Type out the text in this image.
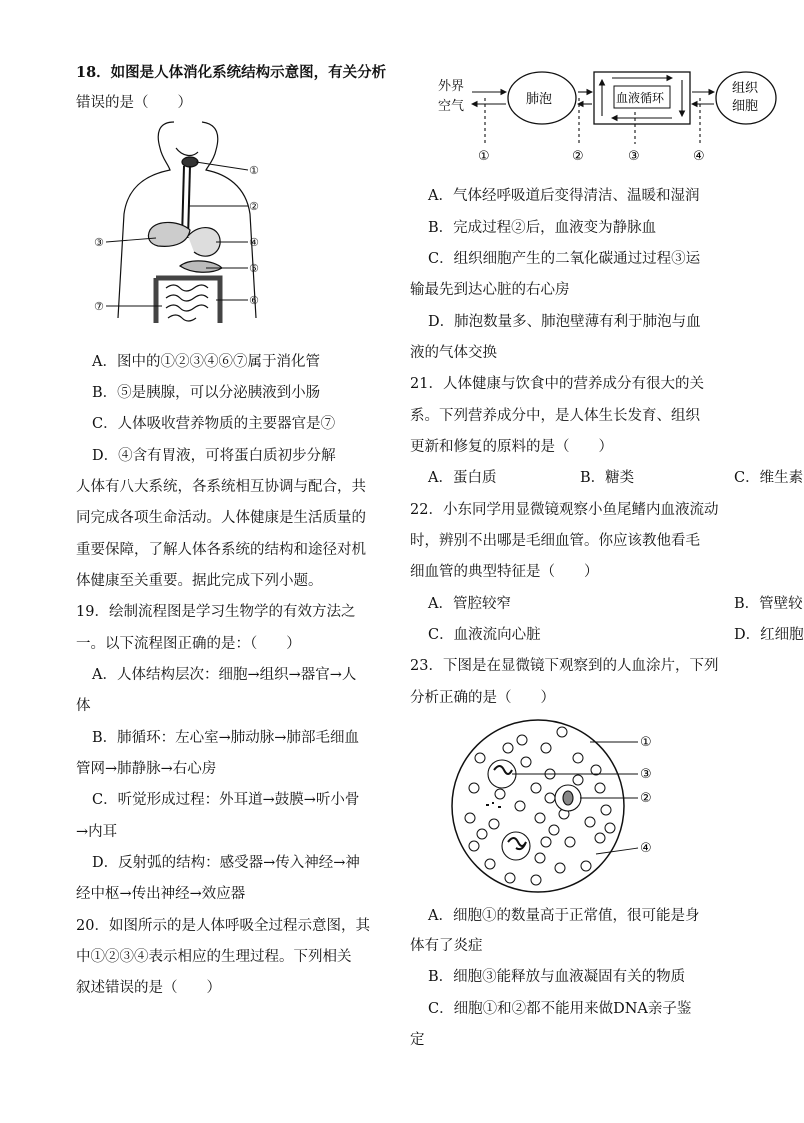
18．如图是人体消化系统结构示意图，有关分析
错误的是（　　）
①
②
③	④
⑤
⑥
⑦
A．图中的①②③④⑥⑦属于消化管
B．⑤是胰腺，可以分泌胰液到小肠
C．人体吸收营养物质的主要器官是⑦
D．④含有胃液，可将蛋白质初步分解
人体有八大系统，各系统相互协调与配合，共
同完成各项生命活动。人体健康是生活质量的
重要保障，了解人体各系统的结构和途径对机
体健康至关重要。据此完成下列小题。
19．绘制流程图是学习生物学的有效方法之
一。以下流程图正确的是：（　　）
A．人体结构层次：细胞→组织→器官→人
体
B．肺循环：左心室→肺动脉→肺部毛细血
管网→肺静脉→右心房
C．听觉形成过程：外耳道→鼓膜→听小骨
→内耳
D．反射弧的结构：感受器→传入神经→神
经中枢→传出神经→效应器
20．如图所示的是人体呼吸全过程示意图，其
中①②③④表示相应的生理过程。下列相关
叙述错误的是（　　）
外界
空气	肺泡	血液循环
组织
细胞
①	②	③	④
A．气体经呼吸道后变得清洁、温暖和湿润
B．完成过程②后，血液变为静脉血
C．组织细胞产生的二氧化碳通过过程③运
输最先到达心脏的右心房
D．肺泡数量多、肺泡壁薄有利于肺泡与血
液的气体交换
21．人体健康与饮食中的营养成分有很大的关
系。下列营养成分中，是人体生长发育、组织
更新和修复的原料的是（　　）
A．蛋白质	B．糖类	C．维生素
22．小东同学用显微镜观察小鱼尾鳍内血液流动
时，辨别不出哪是毛细血管。你应该教他看毛
细血管的典型特征是（　　）
A．管腔较窄	B．管壁较
C．血液流向心脏	D．红细胞
23．下图是在显微镜下观察到的人血涂片，下列
分析正确的是（　　）
①
③
②
④
A．细胞①的数量高于正常值，很可能是身
体有了炎症
B．细胞③能释放与血液凝固有关的物质
C．细胞①和②都不能用来做DNA亲子鉴
定
